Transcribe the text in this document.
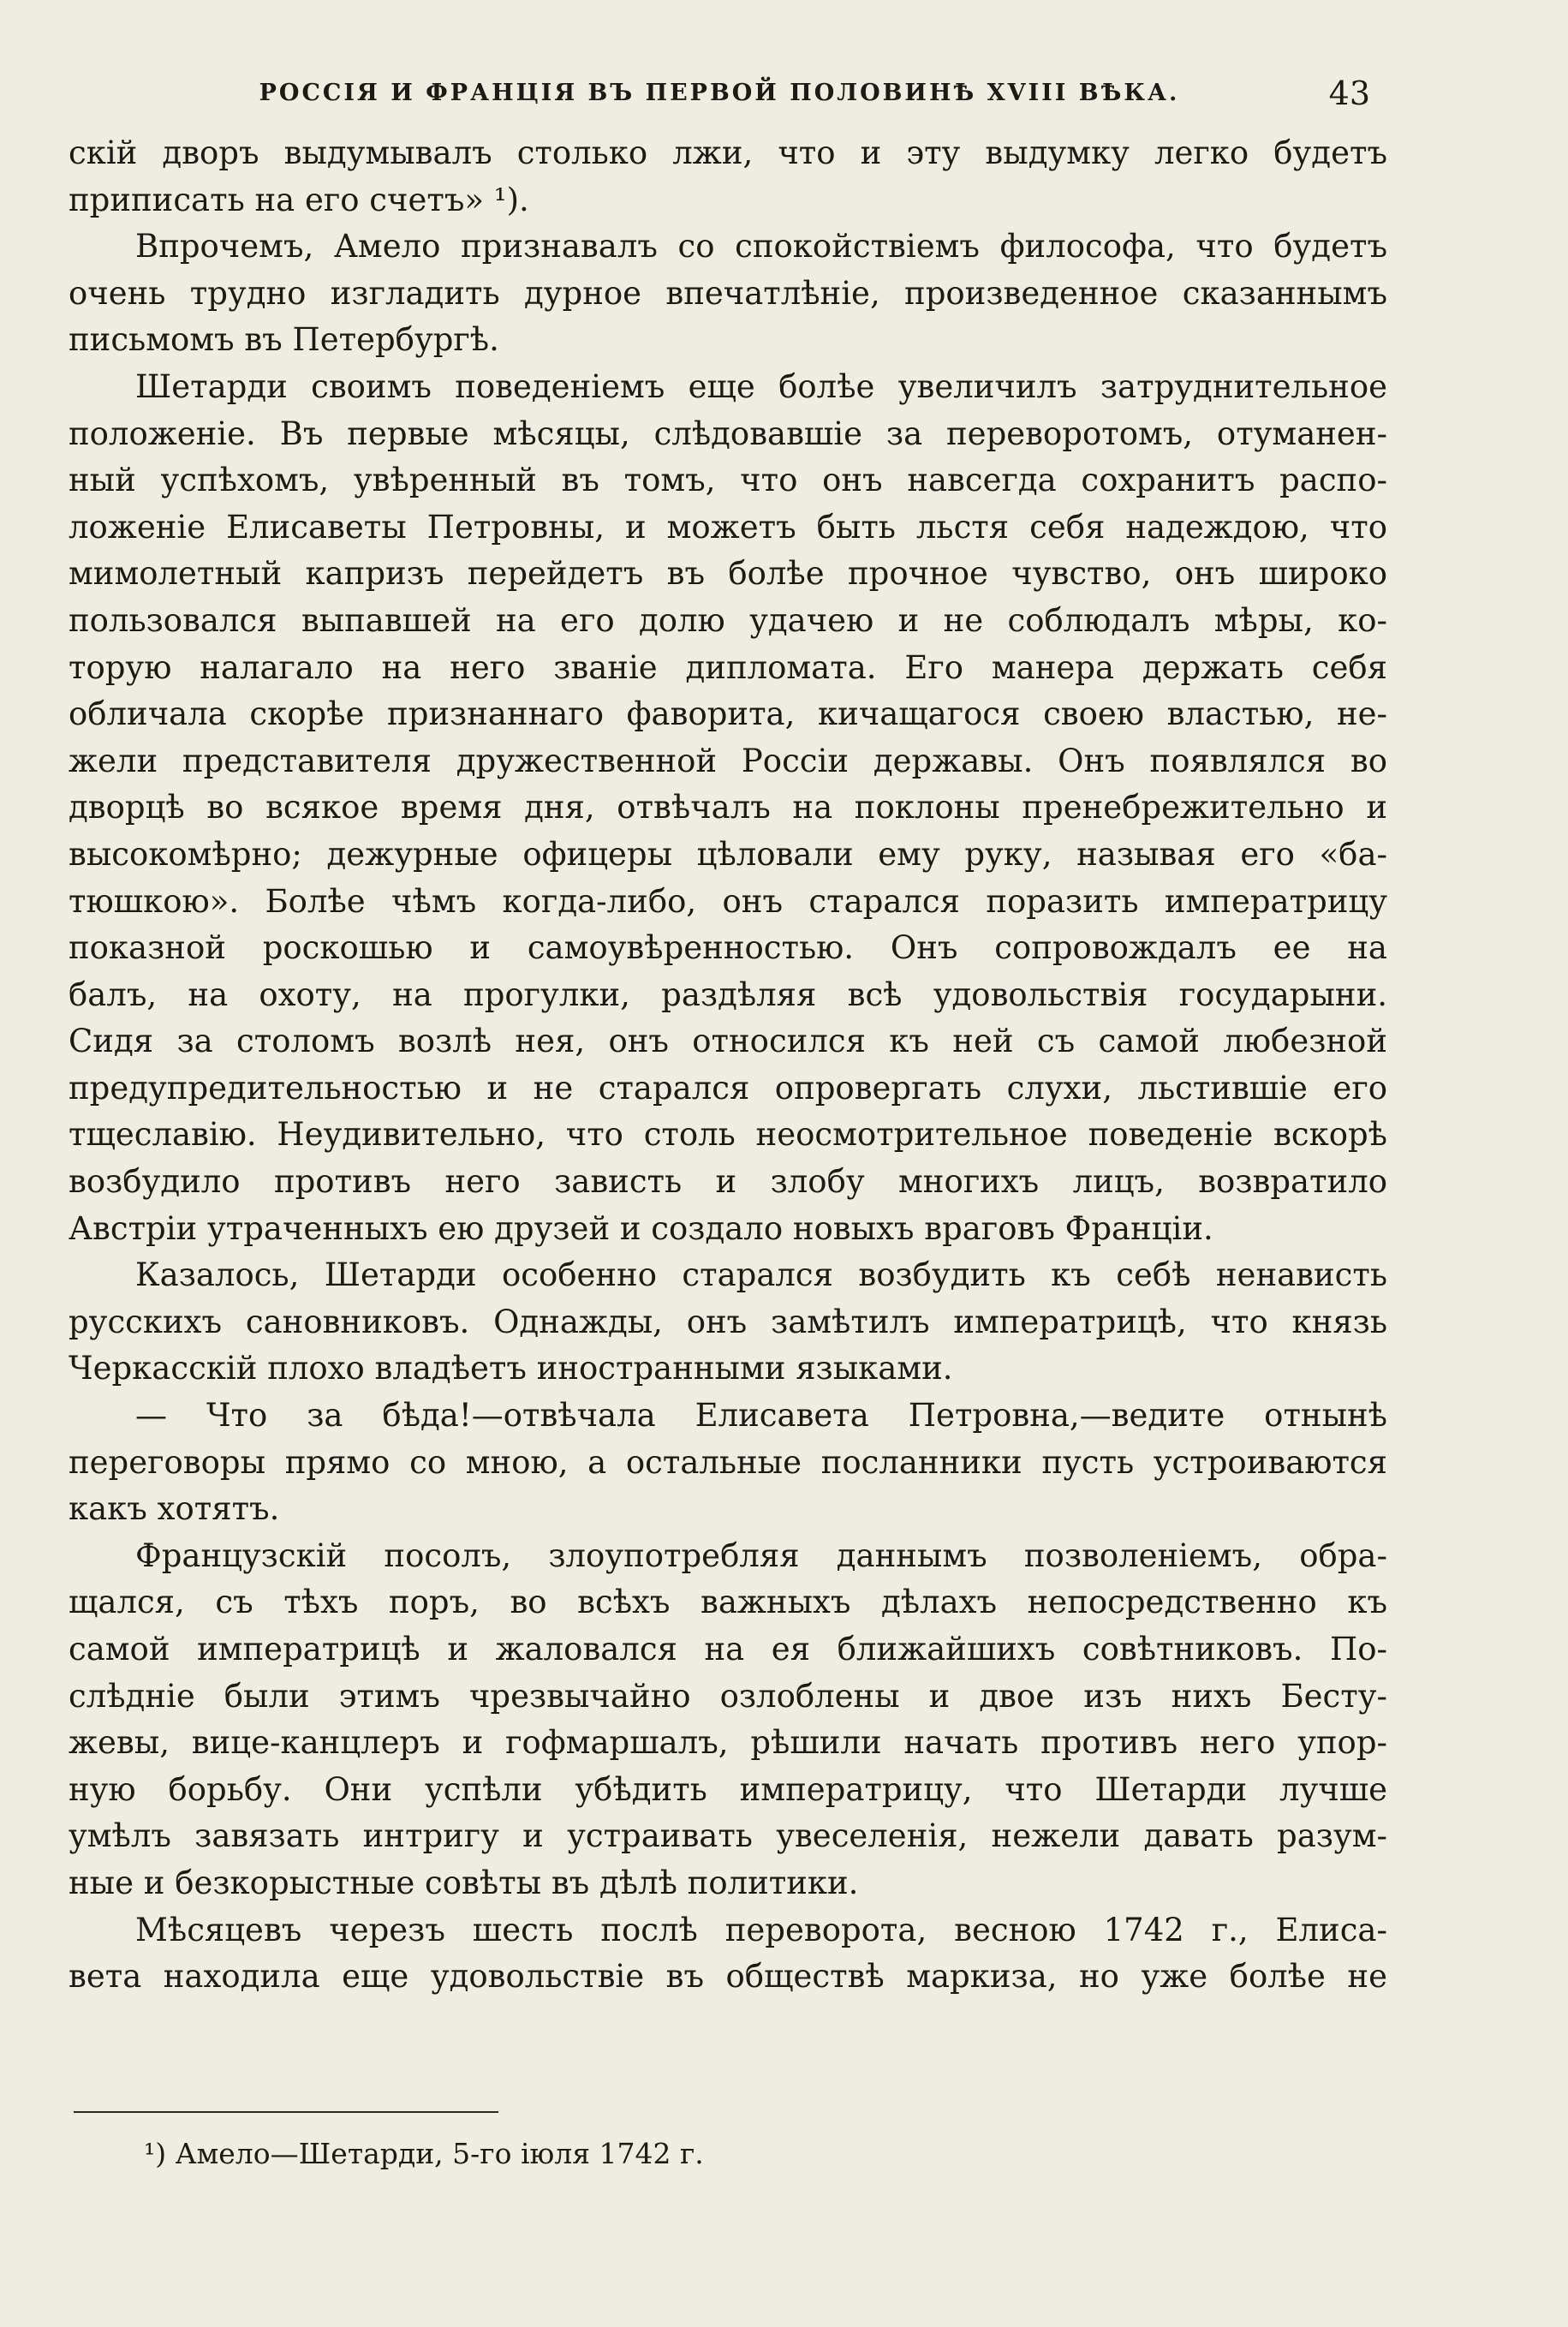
РОССІЯ И ФРАНЦІЯ ВЪ ПЕРВОЙ ПОЛОВИНѢ XVIII ВѢКА.	43
скій дворъ выдумывалъ столько лжи, что и эту выдумку легко будетъ
приписать на его счетъ» ¹).
Впрочемъ, Амело признавалъ со спокойствіемъ философа, что будетъ
очень трудно изгладить дурное впечатлѣніе, произведенное сказаннымъ
письмомъ въ Петербургѣ.
Шетарди своимъ поведеніемъ еще болѣе увеличилъ затруднительное
положеніе. Въ первые мѣсяцы, слѣдовавшіе за переворотомъ, отуманен-
ный успѣхомъ, увѣренный въ томъ, что онъ навсегда сохранитъ распо-
ложеніе Елисаветы Петровны, и можетъ быть льстя себя надеждою, что
мимолетный капризъ перейдетъ въ болѣе прочное чувство, онъ широко
пользовался выпавшей на его долю удачею и не соблюдалъ мѣры, ко-
торую налагало на него званіе дипломата. Его манера держать себя
обличала скорѣе признаннаго фаворита, кичащагося своею властью, не-
жели представителя дружественной Россіи державы. Онъ появлялся во
дворцѣ во всякое время дня, отвѣчалъ на поклоны пренебрежительно и
высокомѣрно; дежурные офицеры цѣловали ему руку, называя его «ба-
тюшкою». Болѣе чѣмъ когда-либо, онъ старался поразить императрицу
показной роскошью и самоувѣренностью. Онъ сопровождалъ ее на
балъ, на охоту, на прогулки, раздѣляя всѣ удовольствія государыни.
Сидя за столомъ возлѣ нея, онъ относился къ ней съ самой любезной
предупредительностью и не старался опровергать слухи, льстившіе его
тщеславію. Неудивительно, что столь неосмотрительное поведеніе вскорѣ
возбудило противъ него зависть и злобу многихъ лицъ, возвратило
Австріи утраченныхъ ею друзей и создало новыхъ враговъ Франціи.
Казалось, Шетарди особенно старался возбудить къ себѣ ненависть
русскихъ сановниковъ. Однажды, онъ замѣтилъ императрицѣ, что князь
Черкасскій плохо владѣетъ иностранными языками.
— Что за бѣда!—отвѣчала Елисавета Петровна,—ведите отнынѣ
переговоры прямо со мною, а остальные посланники пусть устроиваются
какъ хотятъ.
Французскій посолъ, злоупотребляя даннымъ позволеніемъ, обра-
щался, съ тѣхъ поръ, во всѣхъ важныхъ дѣлахъ непосредственно къ
самой императрицѣ и жаловался на ея ближайшихъ совѣтниковъ. По-
слѣдніе были этимъ чрезвычайно озлоблены и двое изъ нихъ Бесту-
жевы, вице-канцлеръ и гофмаршалъ, рѣшили начать противъ него упор-
ную борьбу. Они успѣли убѣдить императрицу, что Шетарди лучше
умѣлъ завязать интригу и устраивать увеселенія, нежели давать разум-
ные и безкорыстные совѣты въ дѣлѣ политики.
Мѣсяцевъ черезъ шесть послѣ переворота, весною 1742 г., Елиса-
вета находила еще удовольствіе въ обществѣ маркиза, но уже болѣе не
¹) Амело—Шетарди, 5-го іюля 1742 г.
